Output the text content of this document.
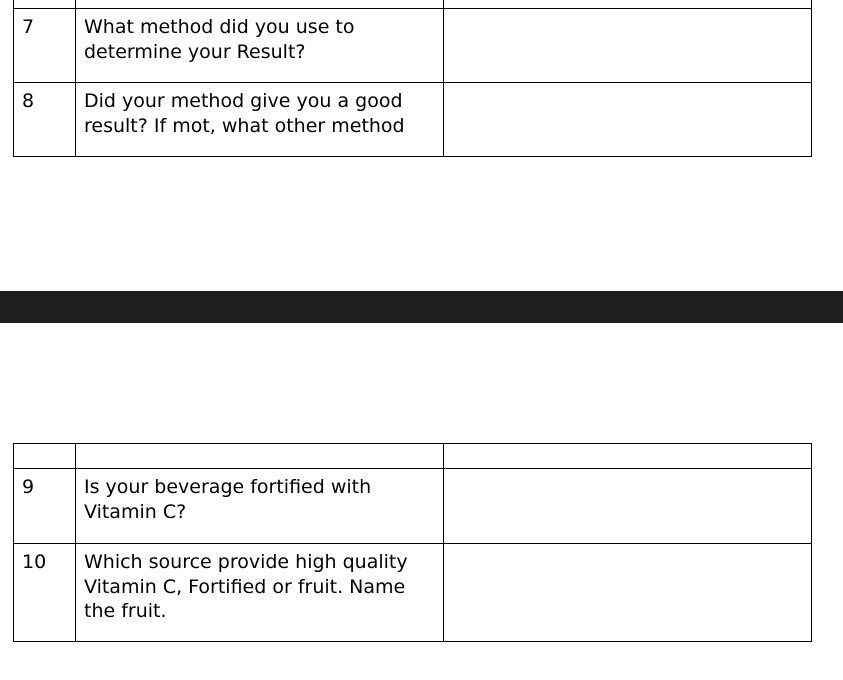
7	What method did you use to determine your Result?	
8	Did your method give you a good result? If mot, what other method	

9	Is your beverage fortified with Vitamin C?	
10	Which source provide high quality Vitamin C, Fortified or fruit. Name the fruit.	
